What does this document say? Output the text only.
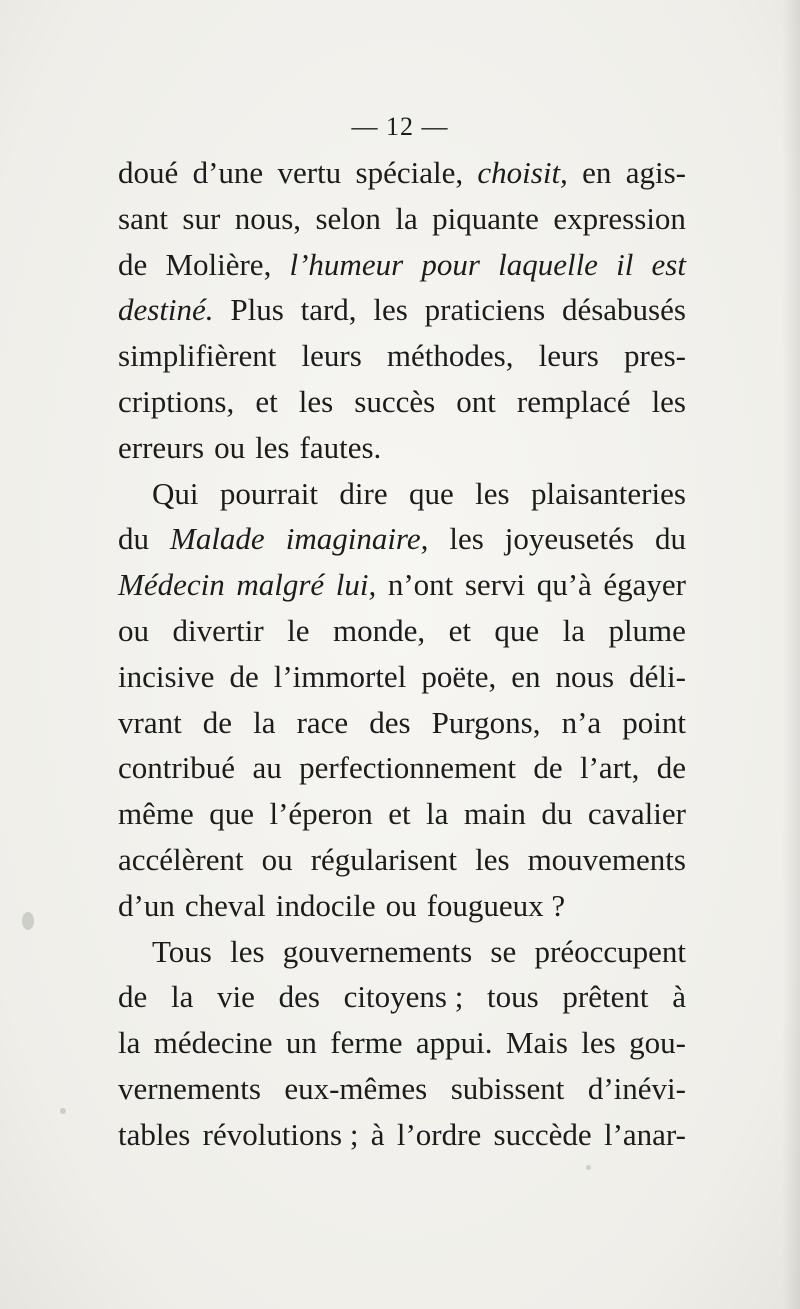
— 12 —
doué d’une vertu spéciale, choisit, en agis-
sant sur nous, selon la piquante expression
de Molière, l’humeur pour laquelle il est
destiné. Plus tard, les praticiens désabusés
simplifièrent leurs méthodes, leurs pres-
criptions, et les succès ont remplacé les
erreurs ou les fautes.
Qui pourrait dire que les plaisanteries
du Malade imaginaire, les joyeusetés du
Médecin malgré lui, n’ont servi qu’à égayer
ou divertir le monde, et que la plume
incisive de l’immortel poëte, en nous déli-
vrant de la race des Purgons, n’a point
contribué au perfectionnement de l’art, de
même que l’éperon et la main du cavalier
accélèrent ou régularisent les mouvements
d’un cheval indocile ou fougueux ?
Tous les gouvernements se préoccupent
de la vie des citoyens ; tous prêtent à
la médecine un ferme appui. Mais les gou-
vernements eux-mêmes subissent d’inévi-
tables révolutions ; à l’ordre succède l’anar-
